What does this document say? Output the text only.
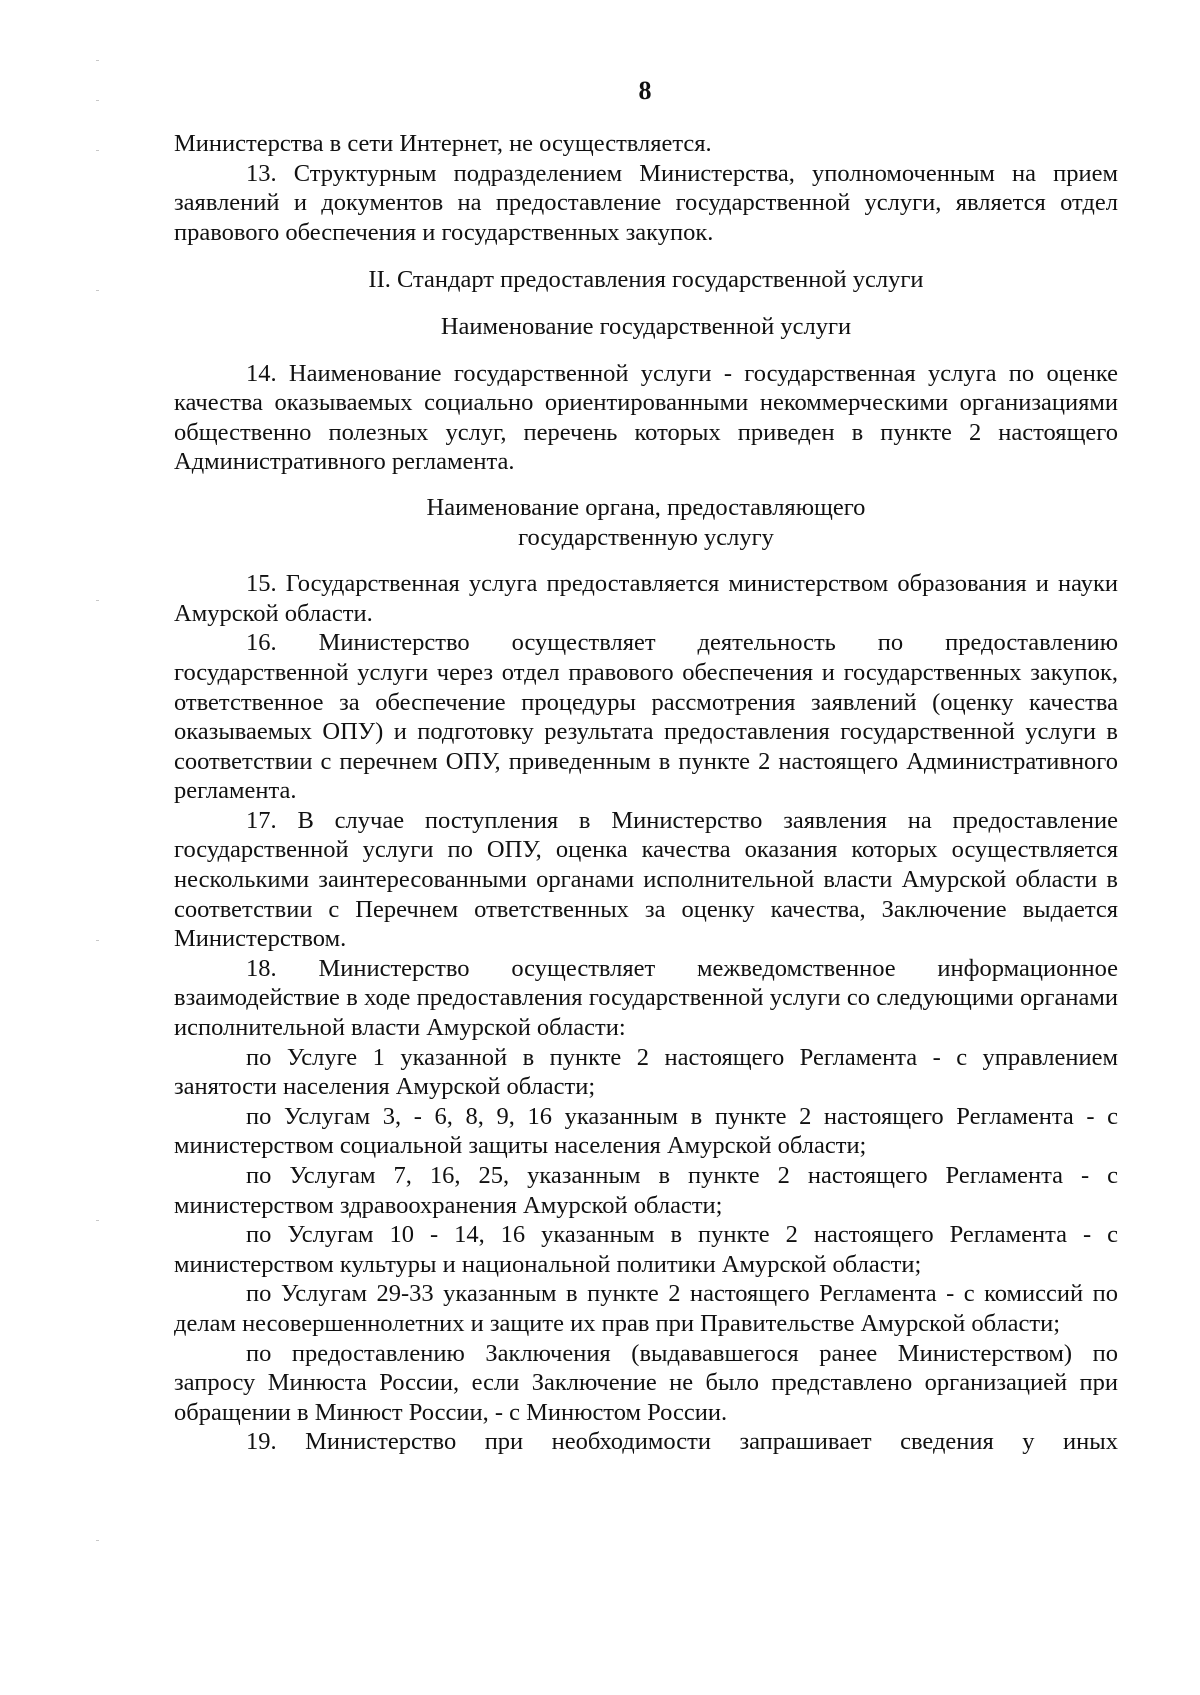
8

Министерства в сети Интернет, не осуществляется.

13. Структурным подразделением Министерства, уполномоченным на прием заявлений и документов на предоставление государственной услуги, является отдел правового обеспечения и государственных закупок.

II. Стандарт предоставления государственной услуги

Наименование государственной услуги

14. Наименование государственной услуги - государственная услуга по оценке качества оказываемых социально ориентированными некоммерческими организациями общественно полезных услуг, перечень которых приведен в пункте 2 настоящего Административного регламента.

Наименование органа, предоставляющего

государственную услугу

15. Государственная услуга предоставляется министерством образования и науки Амурской области.

16. Министерство осуществляет деятельность по предоставлению государственной услуги через отдел правового обеспечения и государственных закупок, ответственное за обеспечение процедуры рассмотрения заявлений (оценку качества оказываемых ОПУ) и подготовку результата предоставления государственной услуги в соответствии с перечнем ОПУ, приведенным в пункте 2 настоящего Административного регламента.

17. В случае поступления в Министерство заявления на предоставление государственной услуги по ОПУ, оценка качества оказания которых осуществляется несколькими заинтересованными органами исполнительной власти Амурской области в соответствии с Перечнем ответственных за оценку качества, Заключение выдается Министерством.

18. Министерство осуществляет межведомственное информационное взаимодействие в ходе предоставления государственной услуги со следующими органами исполнительной власти Амурской области:

по Услуге 1 указанной в пункте 2 настоящего Регламента - с управлением занятости населения Амурской области;

по Услугам 3, - 6, 8, 9, 16 указанным в пункте 2 настоящего Регламента - с министерством социальной защиты населения Амурской области;

по Услугам 7, 16, 25, указанным в пункте 2 настоящего Регламента - с министерством здравоохранения Амурской области;

по Услугам 10 - 14, 16 указанным в пункте 2 настоящего Регламента - с министерством культуры и национальной политики Амурской области;

по Услугам 29-33 указанным в пункте 2 настоящего Регламента - с комиссий по делам несовершеннолетних и защите их прав при Правительстве Амурской области;

по предоставлению Заключения (выдававшегося ранее Министерством) по запросу Минюста России, если Заключение не было представлено организацией при обращении в Минюст России, - с Минюстом России.

19. Министерство при необходимости запрашивает сведения у иных
